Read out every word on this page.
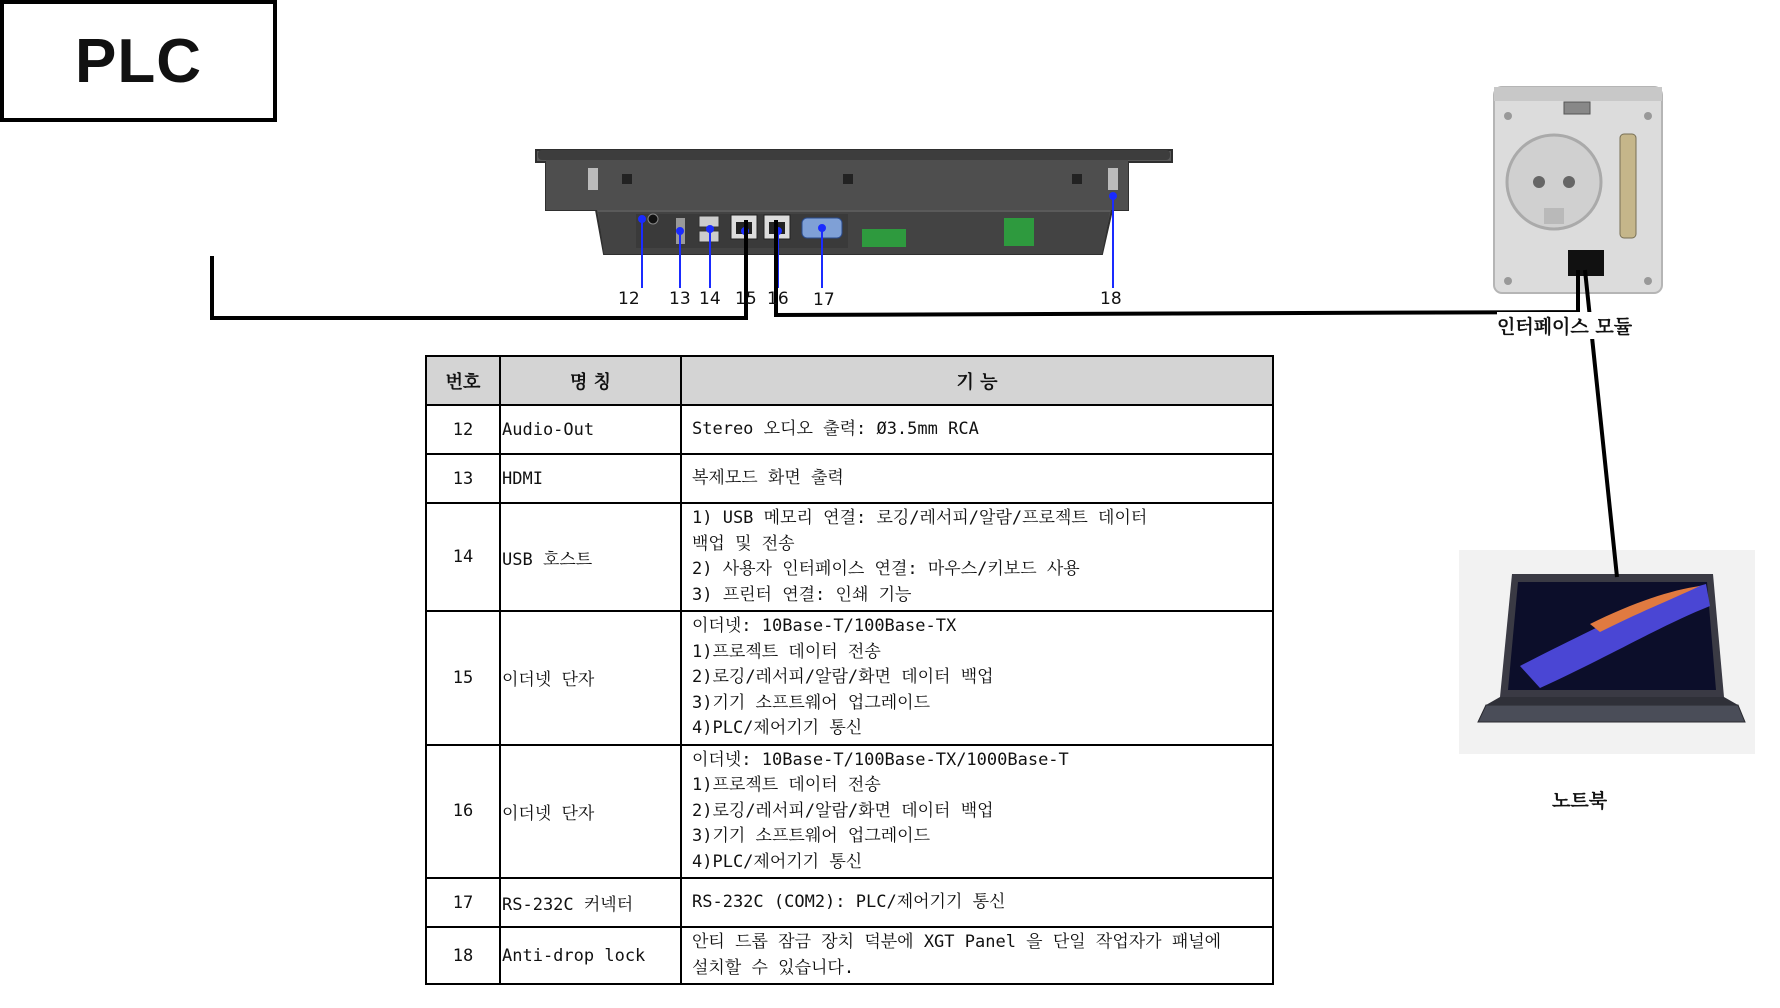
PLC
12 13 14 15 16 17	18
인터페이스 모듈
노트북
번호	명 칭	기 능
12	Audio-Out	Stereo 오디오 출력: Ø3.5mm RCA

13	HDMI	복제모드 화면 출력

14	USB 호스트	1) USB 메모리 연결: 로깅/레서피/알람/프로젝트 데이터
백업 및 전송
2) 사용자 인터페이스 연결: 마우스/키보드 사용
3) 프린터 연결: 인쇄 기능

15	이더넷 단자	이더넷: 10Base-T/100Base-TX
1)프로젝트 데이터 전송
2)로깅/레서피/알람/화면 데이터 백업
3)기기 소프트웨어 업그레이드
4)PLC/제어기기 통신

16	이더넷 단자	이더넷: 10Base-T/100Base-TX/1000Base-T
1)프로젝트 데이터 전송
2)로깅/레서피/알람/화면 데이터 백업
3)기기 소프트웨어 업그레이드
4)PLC/제어기기 통신

17	RS-232C 커넥터	RS-232C (COM2): PLC/제어기기 통신

18	Anti-drop lock	안티 드롭 잠금 장치 덕분에 XGT Panel 을 단일 작업자가 패널에
설치할 수 있습니다.
